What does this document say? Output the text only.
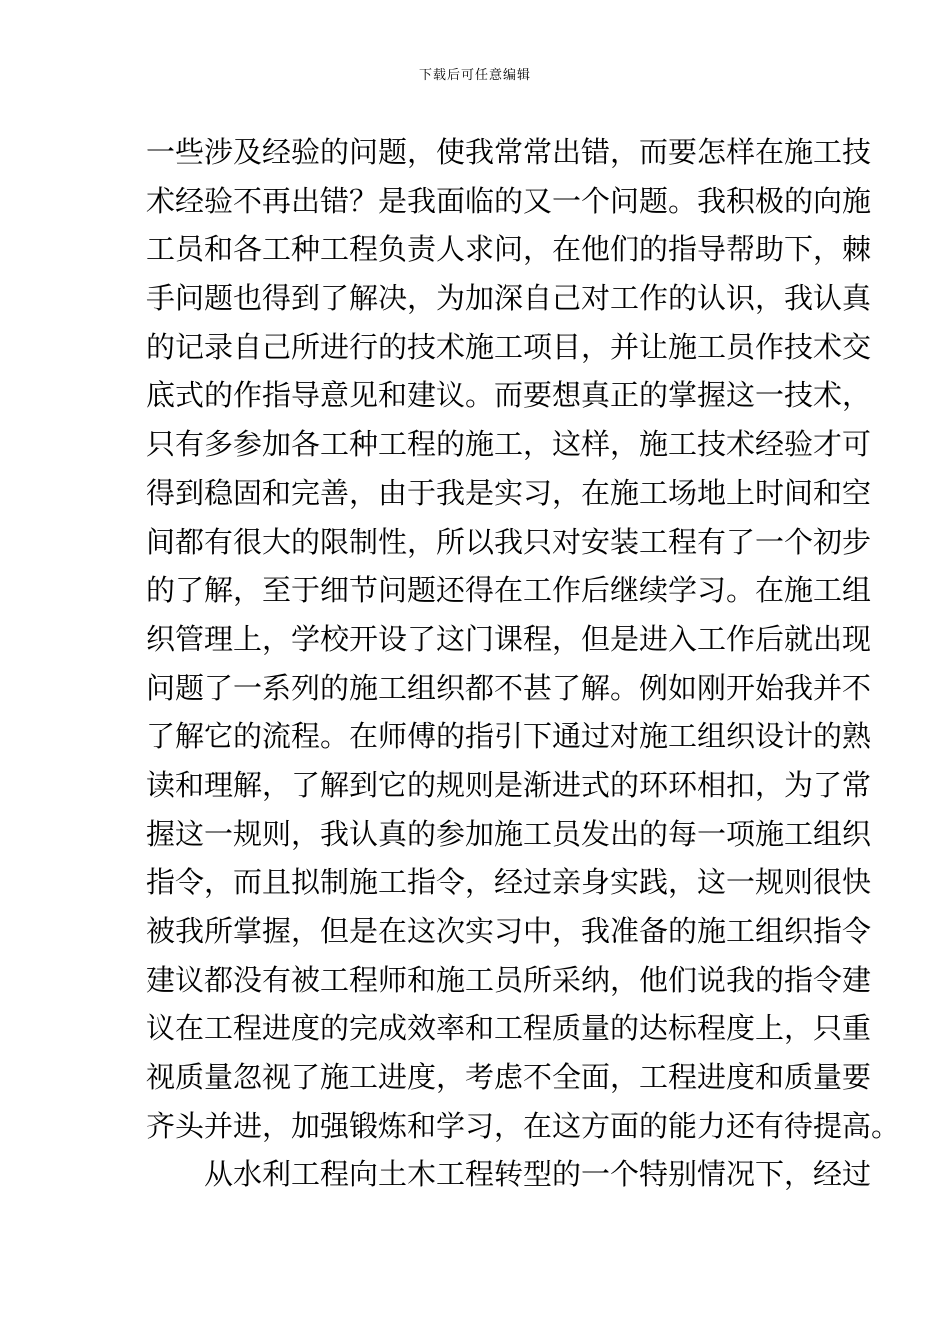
下载后可任意编辑
一些涉及经验的问题，使我常常出错，而要怎样在施工技
术经验不再出错？是我面临的又一个问题。我积极的向施
工员和各工种工程负责人求问，在他们的指导帮助下，棘
手问题也得到了解决，为加深自己对工作的认识，我认真
的记录自己所进行的技术施工项目，并让施工员作技术交
底式的作指导意见和建议。而要想真正的掌握这一技术，
只有多参加各工种工程的施工，这样，施工技术经验才可
得到稳固和完善，由于我是实习，在施工场地上时间和空
间都有很大的限制性，所以我只对安装工程有了一个初步
的了解，至于细节问题还得在工作后继续学习。在施工组
织管理上，学校开设了这门课程，但是进入工作后就出现
问题了一系列的施工组织都不甚了解。例如刚开始我并不
了解它的流程。在师傅的指引下通过对施工组织设计的熟
读和理解，了解到它的规则是渐进式的环环相扣，为了常
握这一规则，我认真的参加施工员发出的每一项施工组织
指令，而且拟制施工指令，经过亲身实践，这一规则很快
被我所掌握，但是在这次实习中，我准备的施工组织指令
建议都没有被工程师和施工员所采纳，他们说我的指令建
议在工程进度的完成效率和工程质量的达标程度上，只重
视质量忽视了施工进度，考虑不全面，工程进度和质量要
齐头并进，加强锻炼和学习，在这方面的能力还有待提高。
从水利工程向土木工程转型的一个特别情况下，经过
